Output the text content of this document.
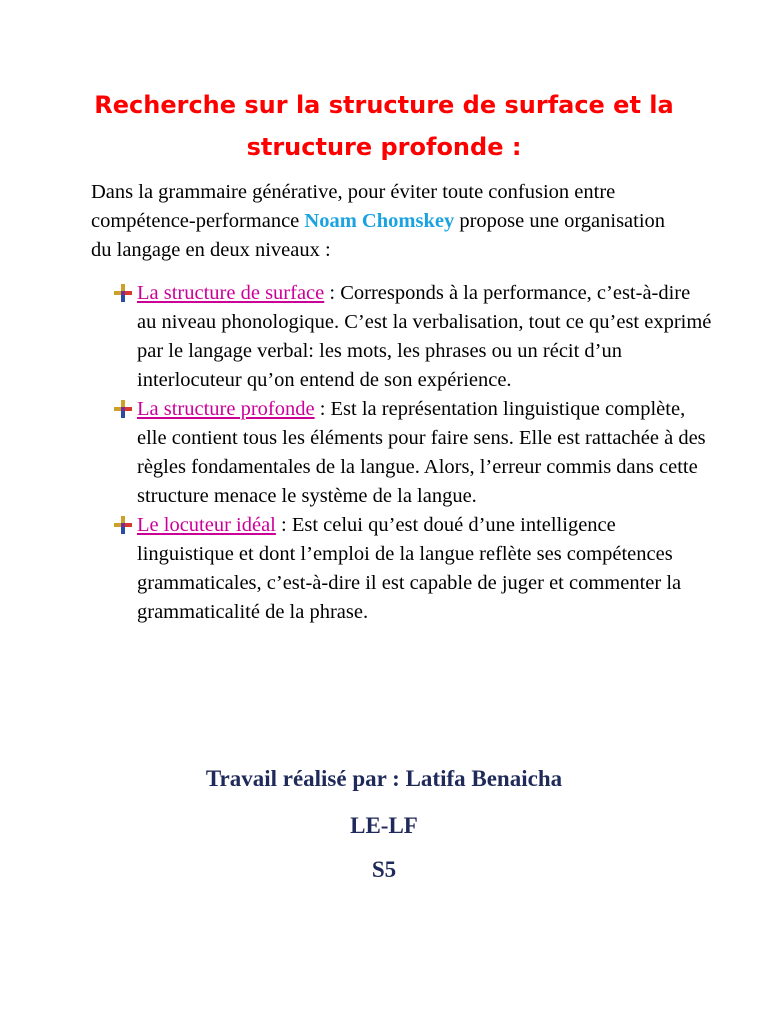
Recherche sur la structure de surface et la
structure profonde :

Dans la grammaire générative, pour éviter toute confusion entre compétence-performance Noam Chomskey propose une organisation du langage en deux niveaux :

La structure de surface : Corresponds à la performance, c’est-à-dire au niveau phonologique. C’est la verbalisation, tout ce qu’est exprimé par le langage verbal: les mots, les phrases ou un récit d’un interlocuteur qu’on entend de son expérience.
La structure profonde : Est la représentation linguistique complète, elle contient tous les éléments pour faire sens. Elle est rattachée à des règles fondamentales de la langue. Alors, l’erreur commis dans cette structure menace le système de la langue.
Le locuteur idéal : Est celui qu’est doué d’une intelligence linguistique et dont l’emploi de la langue reflète ses compétences grammaticales, c’est-à-dire il est capable de juger et commenter la grammaticalité de la phrase.
Travail réalisé par : Latifa Benaicha
LE-LF
S5
